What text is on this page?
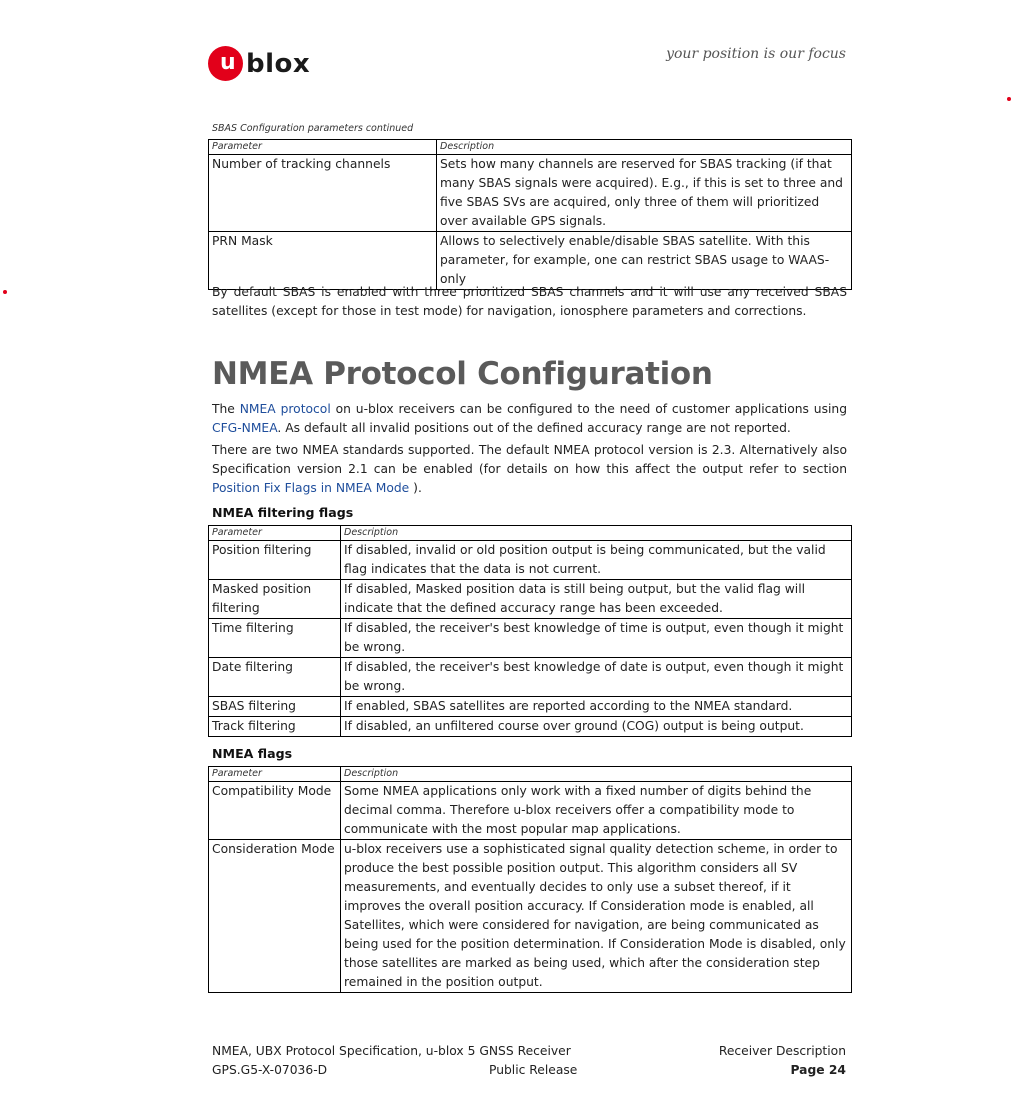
u blox	your position is our focus
SBAS Configuration parameters continued
Parameter	Description
Number of tracking channels	Sets how many channels are reserved for SBAS tracking (if that many SBAS signals were acquired). E.g., if this is set to three and five SBAS SVs are acquired, only three of them will prioritized over available GPS signals.
PRN Mask	Allows to selectively enable/disable SBAS satellite. With this parameter, for example, one can restrict SBAS usage to WAAS-only
By default SBAS is enabled with three prioritized SBAS channels and it will use any received SBAS satellites (except for those in test mode) for navigation, ionosphere parameters and corrections.
NMEA Protocol Configuration
The NMEA protocol on u-blox receivers can be configured to the need of customer applications using CFG-NMEA. As default all invalid positions out of the defined accuracy range are not reported.
There are two NMEA standards supported. The default NMEA protocol version is 2.3. Alternatively also Specification version 2.1 can be enabled (for details on how this affect the output refer to section Position Fix Flags in NMEA Mode ).
NMEA filtering flags
Parameter	Description
Position filtering	If disabled, invalid or old position output is being communicated, but the valid flag indicates that the data is not current.
Masked position filtering	If disabled, Masked position data is still being output, but the valid flag will indicate that the defined accuracy range has been exceeded.
Time filtering	If disabled, the receiver's best knowledge of time is output, even though it might be wrong.
Date filtering	If disabled, the receiver's best knowledge of date is output, even though it might be wrong.
SBAS filtering	If enabled, SBAS satellites are reported according to the NMEA standard.
Track filtering	If disabled, an unfiltered course over ground (COG) output is being output.
NMEA flags
Parameter	Description
Compatibility Mode	Some NMEA applications only work with a fixed number of digits behind the decimal comma. Therefore u-blox receivers offer a compatibility mode to communicate with the most popular map applications.
Consideration Mode	u-blox receivers use a sophisticated signal quality detection scheme, in order to produce the best possible position output. This algorithm considers all SV measurements, and eventually decides to only use a subset thereof, if it improves the overall position accuracy. If Consideration mode is enabled, all Satellites, which were considered for navigation, are being communicated as being used for the position determination. If Consideration Mode is disabled, only those satellites are marked as being used, which after the consideration step remained in the position output.
NMEA, UBX Protocol Specification, u-blox 5 GNSS Receiver
GPS.G5-X-07036-D	Public Release
Receiver Description
Page 24
